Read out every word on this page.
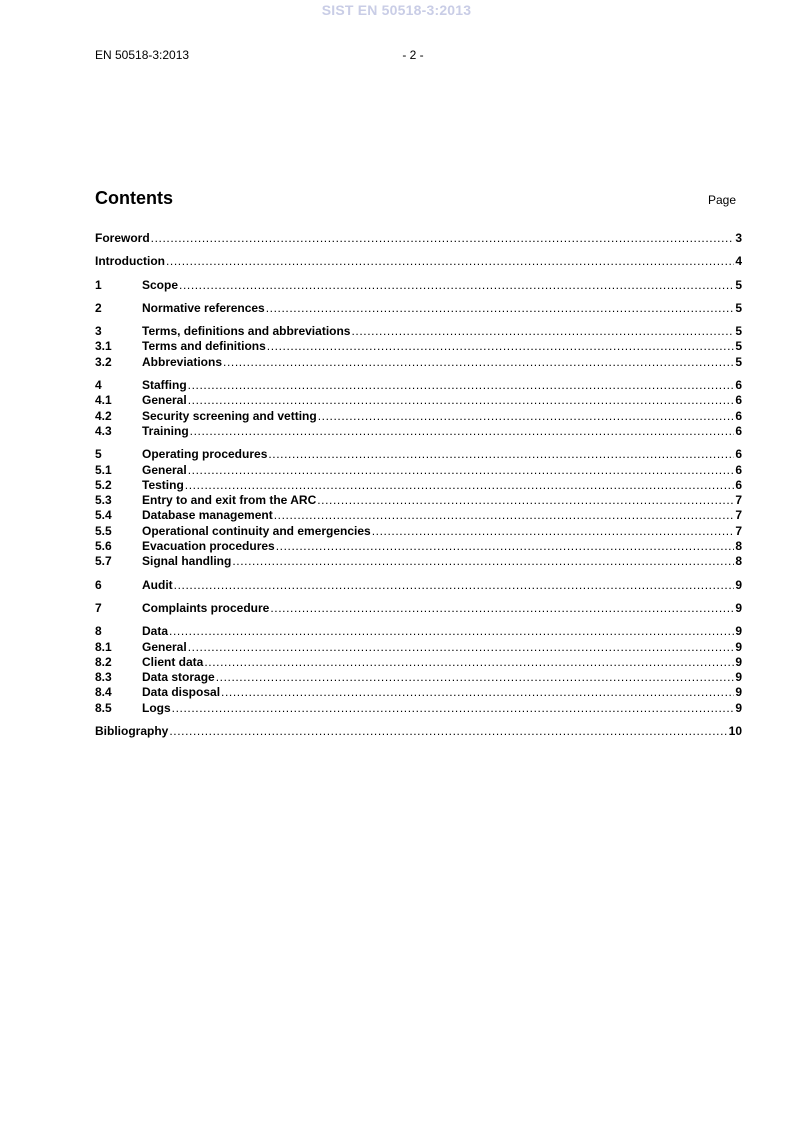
SIST EN 50518-3:2013
EN 50518-3:2013	- 2 -
Contents	Page
Foreword .....	3
Introduction .....	4
1	Scope .....	5
2	Normative references .....	5
3	Terms, definitions and abbreviations .....	5
3.1	Terms and definitions .....	5
3.2	Abbreviations .....	5
4	Staffing .....	6
4.1	General .....	6
4.2	Security screening and vetting .....	6
4.3	Training .....	6
5	Operating procedures .....	6
5.1	General .....	6
5.2	Testing .....	6
5.3	Entry to and exit from the ARC .....	7
5.4	Database management .....	7
5.5	Operational continuity and emergencies .....	7
5.6	Evacuation procedures .....	8
5.7	Signal handling .....	8
6	Audit .....	9
7	Complaints procedure .....	9
8	Data .....	9
8.1	General .....	9
8.2	Client data .....	9
8.3	Data storage .....	9
8.4	Data disposal .....	9
8.5	Logs .....	9
Bibliography .....	10
